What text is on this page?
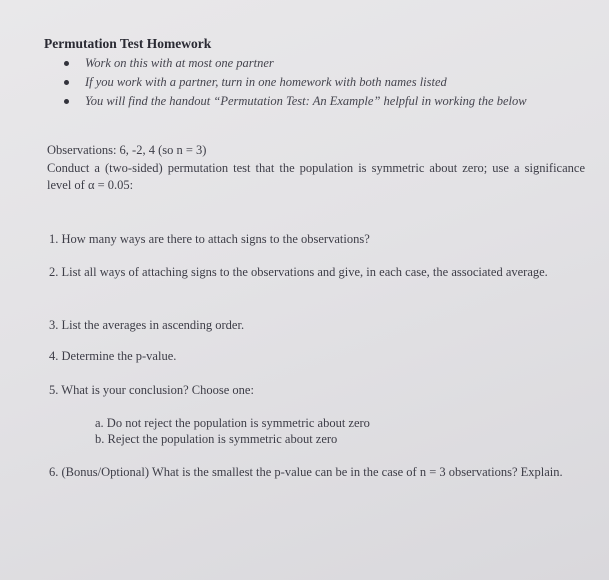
Permutation Test Homework
Work on this with at most one partner
If you work with a partner, turn in one homework with both names listed
You will find the handout “Permutation Test: An Example” helpful in working the below
Observations: 6, -2, 4 (so n = 3)
Conduct a (two-sided) permutation test that the population is symmetric about zero; use a significance level of α = 0.05:
1. How many ways are there to attach signs to the observations?
2. List all ways of attaching signs to the observations and give, in each case, the associated average.
3. List the averages in ascending order.
4. Determine the p-value.
5. What is your conclusion? Choose one:
a. Do not reject the population is symmetric about zero
b. Reject the population is symmetric about zero
6. (Bonus/Optional) What is the smallest the p-value can be in the case of n = 3 observations? Explain.
